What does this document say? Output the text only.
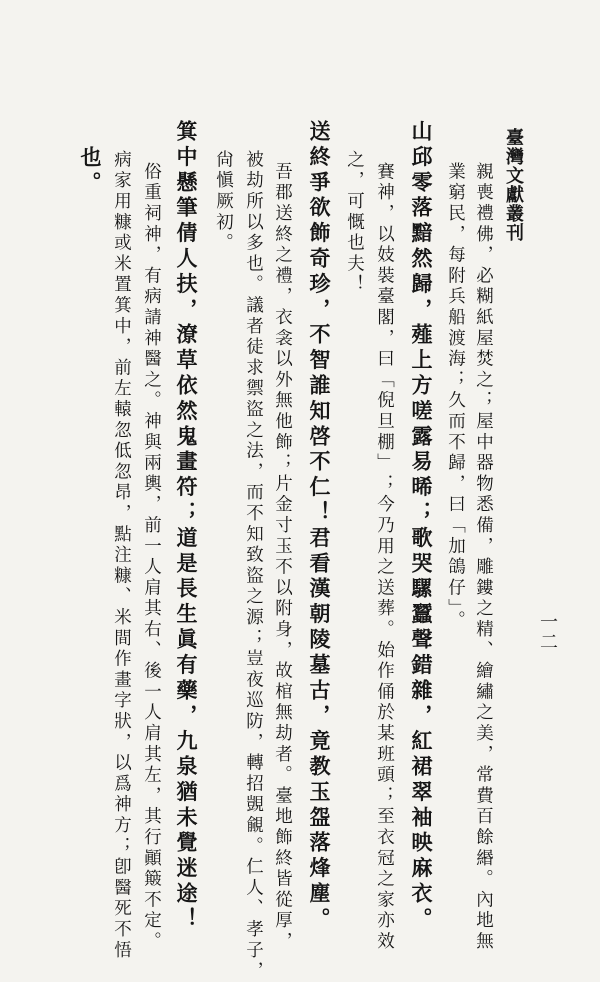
臺灣文獻叢刊
一二
親喪禮佛，必糊紙屋焚之；屋中器物悉備，雕鏤之精、繪繡之美，常費百餘緡。內地無
業窮民，每附兵船渡海；久而不歸，曰「加鴿仔」。
山邱零落黯然歸，薤上方嗟露易晞；歌哭騾蠶聲錯雜，紅裙翠袖映麻衣。
賽神，以妓裝臺閣，曰「倪旦棚」；今乃用之送葬。始作俑於某班頭；至衣冠之家亦效
之，可慨也夫！
送終爭欲飾奇珍，不智誰知啓不仁！君看漢朝陵墓古，竟教玉盌落烽塵。
吾郡送終之禮，衣衾以外無他飾；片金寸玉不以附身，故棺無劫者。臺地飾終皆從厚，
被劫所以多也。議者徒求禦盜之法，而不知致盜之源；豈夜巡防，轉招覬覦。仁人、孝子，
尙愼厥初。
箕中懸筆倩人扶，潦草依然鬼畫符；道是長生眞有藥，九泉猶未覺迷途！
俗重祠神，有病請神醫之。神與兩輿，前一人肩其右、後一人肩其左，其行顚簸不定。
病家用糠或米置箕中，前左轅忽低忽昂，點注糠、米間作畫字狀，以爲神方；卽醫死不悟
也。
